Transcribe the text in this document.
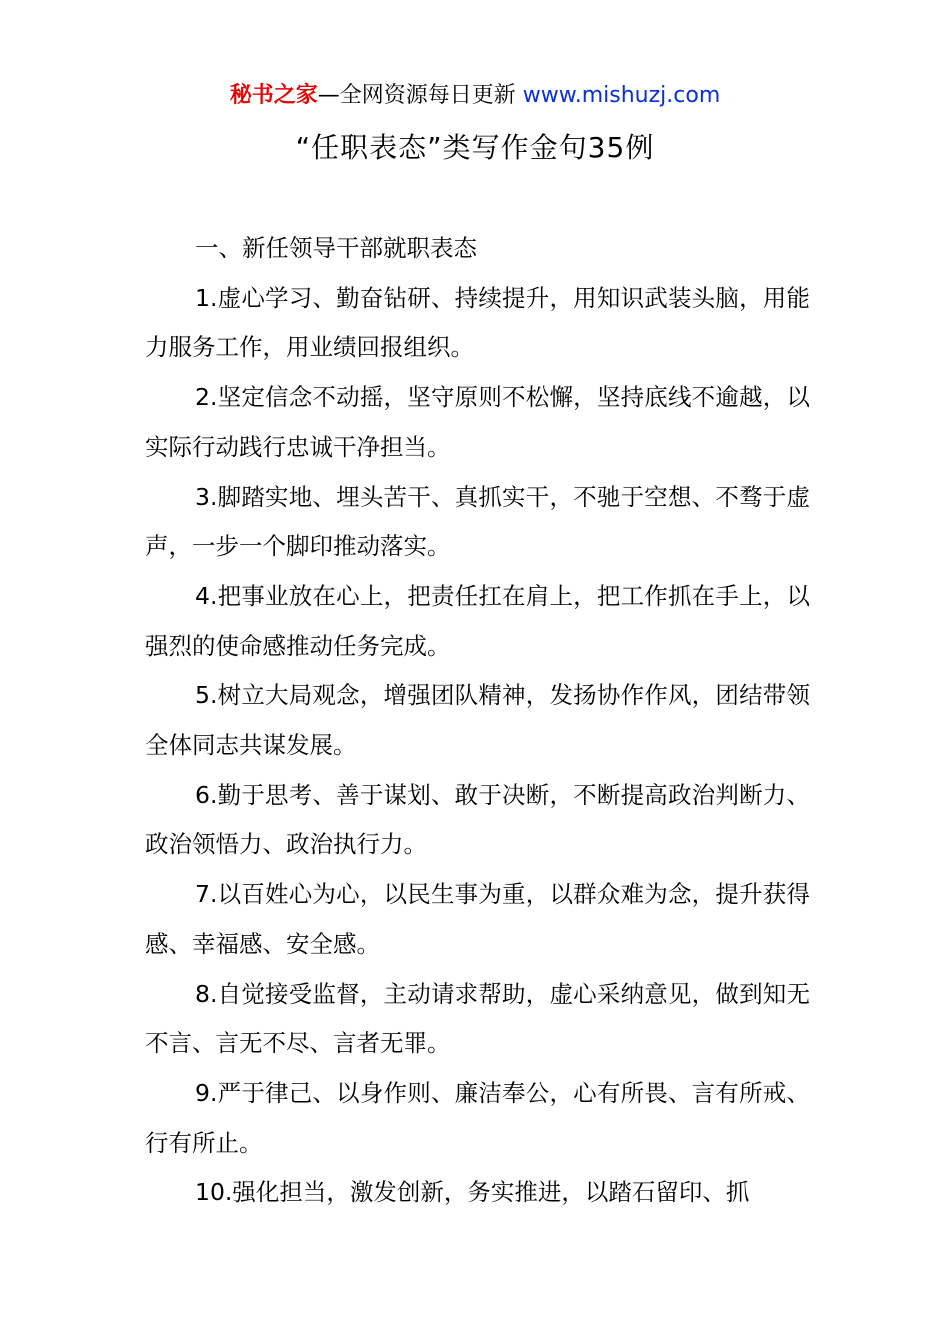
秘书之家—全网资源每日更新 www.mishuzj.com
“任职表态”类写作金句35例

一、新任领导干部就职表态

1.虚心学习、勤奋钻研、持续提升，用知识武装头脑，用能力服务工作，用业绩回报组织。

2.坚定信念不动摇，坚守原则不松懈，坚持底线不逾越，以实际行动践行忠诚干净担当。

3.脚踏实地、埋头苦干、真抓实干，不驰于空想、不骛于虚声，一步一个脚印推动落实。

4.把事业放在心上，把责任扛在肩上，把工作抓在手上，以强烈的使命感推动任务完成。

5.树立大局观念，增强团队精神，发扬协作作风，团结带领全体同志共谋发展。

6.勤于思考、善于谋划、敢于决断，不断提高政治判断力、政治领悟力、政治执行力。

7.以百姓心为心，以民生事为重，以群众难为念，提升获得感、幸福感、安全感。

8.自觉接受监督，主动请求帮助，虚心采纳意见，做到知无不言、言无不尽、言者无罪。

9.严于律己、以身作则、廉洁奉公，心有所畏、言有所戒、行有所止。

10.强化担当，激发创新，务实推进，以踏石留印、抓
